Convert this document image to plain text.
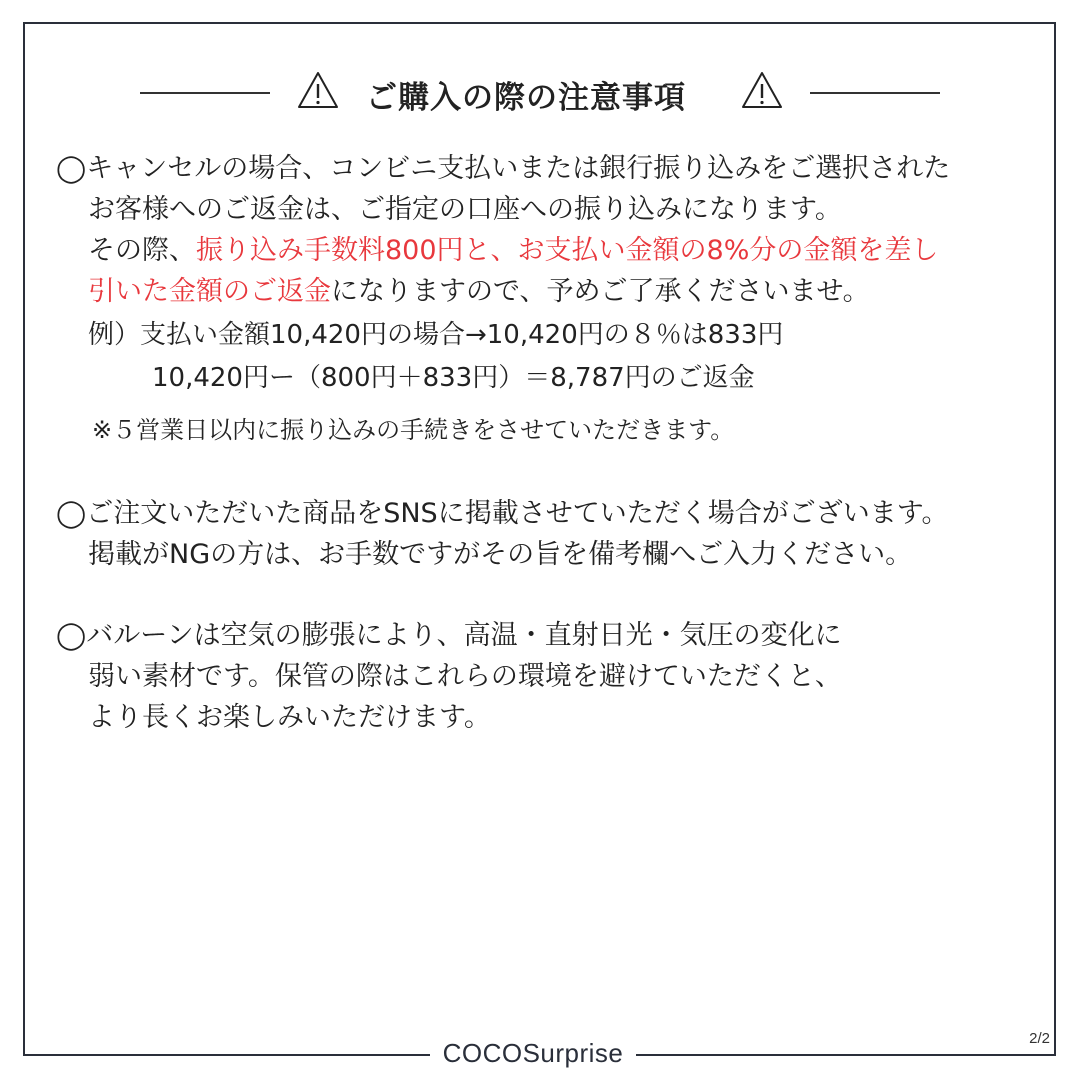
ご購入の際の注意事項
◯キャンセルの場合、コンビニ支払いまたは銀行振り込みをご選択された
お客様へのご返金は、ご指定の口座への振り込みになります。
その際、振り込み手数料800円と、お支払い金額の8%分の金額を差し
引いた金額のご返金になりますので、予めご了承くださいませ。
例）支払い金額10,420円の場合→10,420円の８％は833円
10,420円ー（800円＋833円）＝8,787円のご返金
※５営業日以内に振り込みの手続きをさせていただきます。
◯ご注文いただいた商品をSNSに掲載させていただく場合がございます。
掲載がNGの方は、お手数ですがその旨を備考欄へご入力ください。
◯バルーンは空気の膨張により、高温・直射日光・気圧の変化に
弱い素材です。保管の際はこれらの環境を避けていただくと、
より長くお楽しみいただけます。
COCOSurprise	2/2
